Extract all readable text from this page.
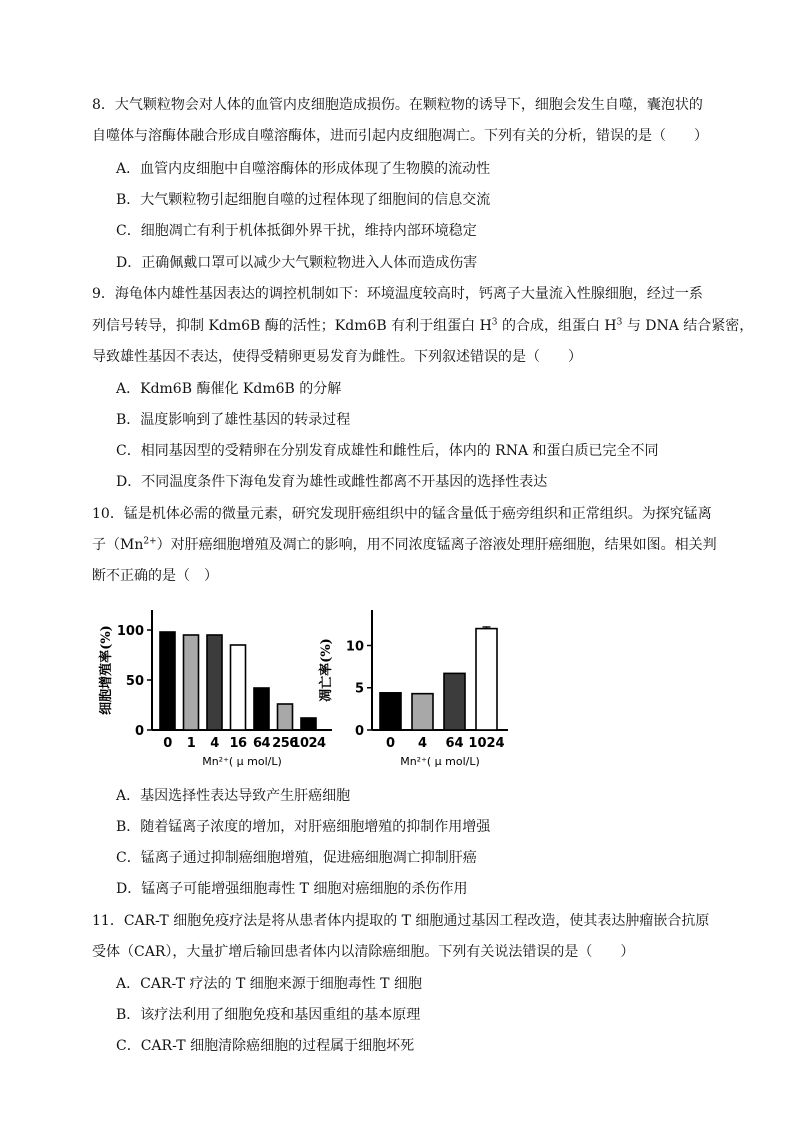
8．大气颗粒物会对人体的血管内皮细胞造成损伤。在颗粒物的诱导下，细胞会发生自噬，囊泡状的
自噬体与溶酶体融合形成自噬溶酶体，进而引起内皮细胞凋亡。下列有关的分析，错误的是（　　）
A．血管内皮细胞中自噬溶酶体的形成体现了生物膜的流动性
B．大气颗粒物引起细胞自噬的过程体现了细胞间的信息交流
C．细胞凋亡有利于机体抵御外界干扰，维持内部环境稳定
D．正确佩戴口罩可以减少大气颗粒物进入人体而造成伤害
9．海龟体内雄性基因表达的调控机制如下：环境温度较高时，钙离子大量流入性腺细胞，经过一系
列信号转导，抑制 Kdm6B 酶的活性；Kdm6B 有利于组蛋白 $H^3$ 的合成，组蛋白 $H^3$ 与 DNA 结合紧密，
导致雄性基因不表达，使得受精卵更易发育为雌性。下列叙述错误的是（　　）
A．Kdm6B 酶催化 Kdm6B 的分解
B．温度影响到了雄性基因的转录过程
C．相同基因型的受精卵在分别发育成雄性和雌性后，体内的 RNA 和蛋白质已完全不同
D．不同温度条件下海龟发育为雄性或雌性都离不开基因的选择性表达
10．锰是机体必需的微量元素，研究发现肝癌组织中的锰含量低于癌旁组织和正常组织。为探究锰离
子$(Mn^{2+})$对肝癌细胞增殖及凋亡的影响，用不同浓度锰离子溶液处理肝癌细胞，结果如图。相关判
断不正确的是（　）
0
50
100
0 1 4 16 64 256
1024
细胞增殖率(%)
Mn²⁺( μ mol/L)
0
5
10
0 4 64 1024
凋亡率(%)
Mn²⁺( μ mol/L)
A．基因选择性表达导致产生肝癌细胞
B．随着锰离子浓度的增加，对肝癌细胞增殖的抑制作用增强
C．锰离子通过抑制癌细胞增殖，促进癌细胞凋亡抑制肝癌
D．锰离子可能增强细胞毒性 T 细胞对癌细胞的杀伤作用
11．CAR-T 细胞免疫疗法是将从患者体内提取的 T 细胞通过基因工程改造，使其表达肿瘤嵌合抗原
受体（CAR），大量扩增后输回患者体内以清除癌细胞。下列有关说法错误的是（　　）
A．CAR-T 疗法的 T 细胞来源于细胞毒性 T 细胞
B．该疗法利用了细胞免疫和基因重组的基本原理
C．CAR-T 细胞清除癌细胞的过程属于细胞坏死
